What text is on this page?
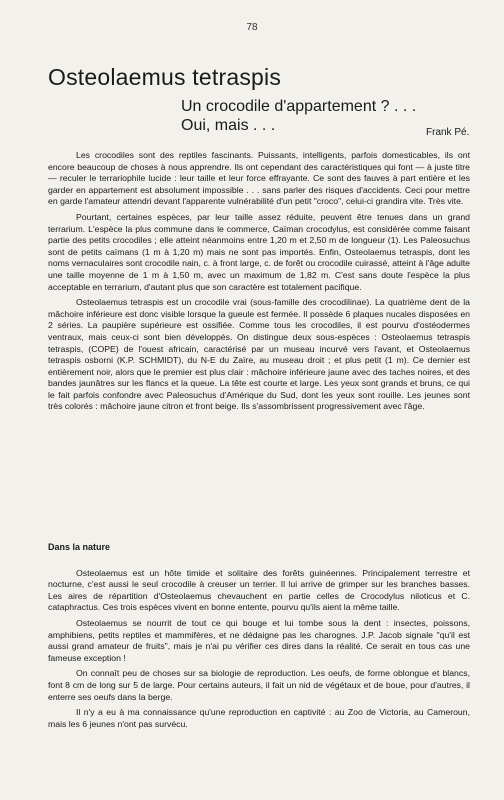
78
Osteolaemus tetraspis
Un crocodile d'appartement ? . . .
Oui, mais . . .	Frank Pé.

Les crocodiles sont des reptiles fascinants. Puissants, intelligents, parfois domesticables, ils ont encore beaucoup de choses à nous apprendre. Ils ont cependant des caractéristiques qui font — à juste titre — reculer le terrariophile lucide : leur taille et leur force effrayante. Ce sont des fauves à part entière et les garder en appartement est absolument impossible . . . sans parler des risques d'accidents. Ceci pour mettre en garde l'amateur attendri devant l'apparente vulnérabilité d'un petit "croco", celui-ci grandira vite. Très vite.

Pourtant, certaines espèces, par leur taille assez réduite, peuvent être tenues dans un grand terrarium. L'espèce la plus commune dans le commerce, Caïman crocodylus, est considérée comme faisant partie des petits crocodiles ; elle atteint néanmoins entre 1,20 m et 2,50 m de longueur (1). Les Paleosuchus sont de petits caïmans (1 m à 1,20 m) mais ne sont pas importés. Enfin, Osteolaemus tetraspis, dont les noms vernaculaires sont crocodile nain, c. à front large, c. de forêt ou crocodile cuirassé, atteint à l'âge adulte une taille moyenne de 1 m à 1,50 m, avec un maximum de 1,82 m. C'est sans doute l'espèce la plus acceptable en terrarium, d'autant plus que son caractère est totalement pacifique.

Osteolaemus tetraspis est un crocodile vrai (sous-famille des crocodilinae). La quatrième dent de la mâchoire inférieure est donc visible lorsque la gueule est fermée. Il possède 6 plaques nucales disposées en 2 séries. La paupière supérieure est ossifiée. Comme tous les crocodiles, il est pourvu d'ostéodermes ventraux, mais ceux-ci sont bien développés. On distingue deux sous-espèces : Osteolaemus tetraspis tetraspis, (COPE) de l'ouest africain, caractérisé par un museau incurvé vers l'avant, et Osteolaemus tetraspis osborni (K.P. SCHMIDT), du N-E du Zaïre, au museau droit ; et plus petit (1 m). Ce dernier est entièrement noir, alors que le premier est plus clair : mâchoire inférieure jaune avec des taches noires, et des bandes jaunâtres sur les flancs et la queue. La tête est courte et large. Les yeux sont grands et bruns, ce qui le fait parfois confondre avec Paleosuchus d'Amérique du Sud, dont les yeux sont rouille. Les jeunes sont très colorés : mâchoire jaune citron et front beige. Ils s'assombrissent progressivement avec l'âge.

Dans la nature

Osteolaemus est un hôte timide et solitaire des forêts guinéennes. Principalement terrestre et nocturne, c'est aussi le seul crocodile à creuser un terrier. Il lui arrive de grimper sur les branches basses. Les aires de répartition d'Osteolaemus chevauchent en partie celles de Crocodylus niloticus et C. cataphractus. Ces trois espèces vivent en bonne entente, pourvu qu'ils aient la même taille.

Osteolaemus se nourrit de tout ce qui bouge et lui tombe sous la dent : insectes, poissons, amphibiens, petits reptiles et mammifères, et ne dédaigne pas les charognes. J.P. Jacob signale "qu'il est aussi grand amateur de fruits", mais je n'ai pu vérifier ces dires dans la réalité. Ce serait en tous cas une fameuse exception !

On connaît peu de choses sur sa biologie de reproduction. Les oeufs, de forme oblongue et blancs, font 8 cm de long sur 5 de large. Pour certains auteurs, il fait un nid de végétaux et de boue, pour d'autres, il enterre ses oeufs dans la berge.

Il n'y a eu à ma connaissance qu'une reproduction en captivité : au Zoo de Victoria, au Cameroun, mais les 6 jeunes n'ont pas survécu.
